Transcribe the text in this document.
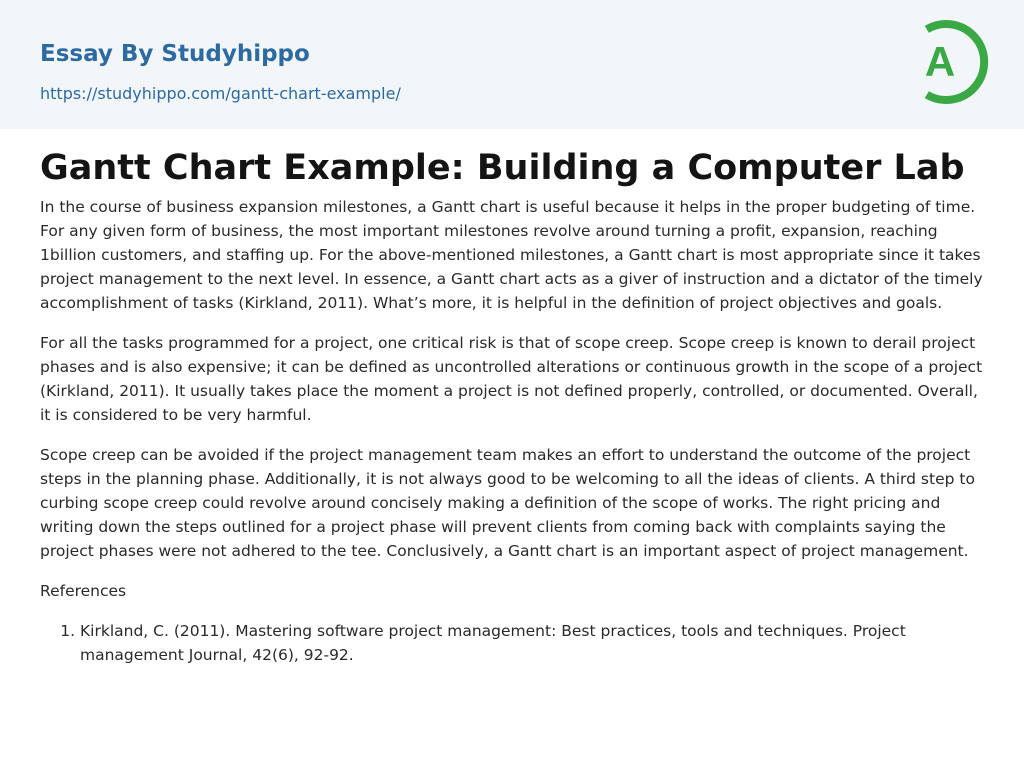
Essay By Studyhippo
https://studyhippo.com/gantt-chart-example/
A
Gantt Chart Example: Building a Computer Lab

In the course of business expansion milestones, a Gantt chart is useful because it helps in the proper budgeting of time. For any given form of business, the most important milestones revolve around turning a profit, expansion, reaching 1billion customers, and staffing up. For the above-mentioned milestones, a Gantt chart is most appropriate since it takes project management to the next level. In essence, a Gantt chart acts as a giver of instruction and a dictator of the timely accomplishment of tasks (Kirkland, 2011). What’s more, it is helpful in the definition of project objectives and goals.

For all the tasks programmed for a project, one critical risk is that of scope creep. Scope creep is known to derail project phases and is also expensive; it can be defined as uncontrolled alterations or continuous growth in the scope of a project (Kirkland, 2011). It usually takes place the moment a project is not defined properly, controlled, or documented. Overall, it is considered to be very harmful.

Scope creep can be avoided if the project management team makes an effort to understand the outcome of the project steps in the planning phase. Additionally, it is not always good to be welcoming to all the ideas of clients. A third step to curbing scope creep could revolve around concisely making a definition of the scope of works. The right pricing and writing down the steps outlined for a project phase will prevent clients from coming back with complaints saying the project phases were not adhered to the tee. Conclusively, a Gantt chart is an important aspect of project management.

References

1. Kirkland, C. (2011). Mastering software project management: Best practices, tools and techniques. Project management Journal, 42(6), 92-92.
